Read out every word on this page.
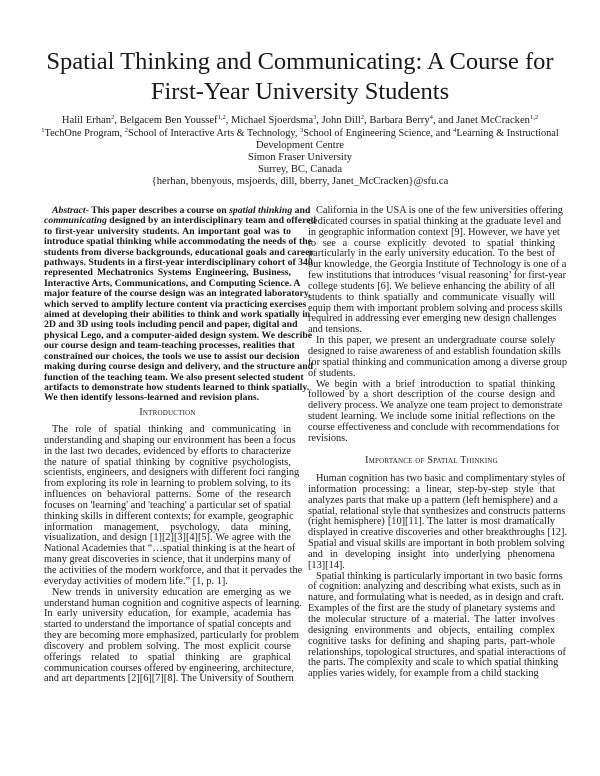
Spatial Thinking and Communicating: A Course for
First-Year University Students
Halil Erhan$^2$, Belgacem Ben Youssef$^{1,2}$, Michael Sjoerdsma$^3$, John Dill$^2$, Barbara Berry$^4$, and Janet McCracken$^{1,2}$
$^1$TechOne Program, $^2$School of Interactive Arts & Technology, $^3$School of Engineering Science, and $^4$Learning & Instructional
Development Centre
Simon Fraser University
Surrey, BC, Canada
{herhan, bbenyous, msjoerds, dill, bberry, Janet_McCracken}@sfu.ca
Abstract- This paper describes a course on spatial thinking and
communicating designed by an interdisciplinary team and offered
to first-year university students. An important goal was to
introduce spatial thinking while accommodating the needs of the
students from diverse backgrounds, educational goals and career
pathways. Students in a first-year interdisciplinary cohort of 340
represented Mechatronics Systems Engineering, Business,
Interactive Arts, Communications, and Computing Science. A
major feature of the course design was an integrated laboratory,
which served to amplify lecture content via practicing exercises
aimed at developing their abilities to think and work spatially in
2D and 3D using tools including pencil and paper, digital and
physical Lego, and a computer-aided design system. We describe
our course design and team-teaching processes, realities that
constrained our choices, the tools we use to assist our decision
making during course design and delivery, and the structure and
function of the teaching team. We also present selected student
artifacts to demonstrate how students learned to think spatially.
We then identify lessons-learned and revision plans.
Introduction
The role of spatial thinking and communicating in
understanding and shaping our environment has been a focus
in the last two decades, evidenced by efforts to characterize
the nature of spatial thinking by cognitive psychologists,
scientists, engineers, and designers with different foci ranging
from exploring its role in learning to problem solving, to its
influences on behavioral patterns. Some of the research
focuses on 'learning' and 'teaching' a particular set of spatial
thinking skills in different contexts; for example, geographic
information management, psychology, data mining,
visualization, and design [1][2][3][4][5]. We agree with the
National Academies that “…spatial thinking is at the heart of
many great discoveries in science, that it underpins many of
the activities of the modern workforce, and that it pervades the
everyday activities of modern life.” [1, p. 1].
New trends in university education are emerging as we
understand human cognition and cognitive aspects of learning.
In early university education, for example, academia has
started to understand the importance of spatial concepts and
they are becoming more emphasized, particularly for problem
discovery and problem solving. The most explicit course
offerings related to spatial thinking are graphical
communication courses offered by engineering, architecture,
and art departments [2][6][7][8]. The University of Southern
California in the USA is one of the few universities offering
dedicated courses in spatial thinking at the graduate level and
in geographic information context [9]. However, we have yet
to see a course explicitly devoted to spatial thinking
particularly in the early university education. To the best of
our knowledge, the Georgia Institute of Technology is one of a
few institutions that introduces ‘visual reasoning’ for first-year
college students [6]. We believe enhancing the ability of all
students to think spatially and communicate visually will
equip them with important problem solving and process skills
required in addressing ever emerging new design challenges
and tensions.
In this paper, we present an undergraduate course solely
designed to raise awareness of and establish foundation skills
for spatial thinking and communication among a diverse group
of students.
We begin with a brief introduction to spatial thinking
followed by a short description of the course design and
delivery process. We analyze one team project to demonstrate
student learning. We include some initial reflections on the
course effectiveness and conclude with recommendations for
revisions.
Importance of Spatial Thinking
Human cognition has two basic and complimentary styles of
information processing: a linear, step-by-step style that
analyzes parts that make up a pattern (left hemisphere) and a
spatial, relational style that synthesizes and constructs patterns
(right hemisphere) [10][11]. The latter is most dramatically
displayed in creative discoveries and other breakthroughs [12].
Spatial and visual skills are important in both problem solving
and in developing insight into underlying phenomena
[13][14].
Spatial thinking is particularly important in two basic forms
of cognition: analyzing and describing what exists, such as in
nature, and formulating what is needed, as in design and craft.
Examples of the first are the study of planetary systems and
the molecular structure of a material. The latter involves
designing environments and objects, entailing complex
cognitive tasks for defining and shaping parts, part-whole
relationships, topological structures, and spatial interactions of
the parts. The complexity and scale to which spatial thinking
applies varies widely, for example from a child stacking
